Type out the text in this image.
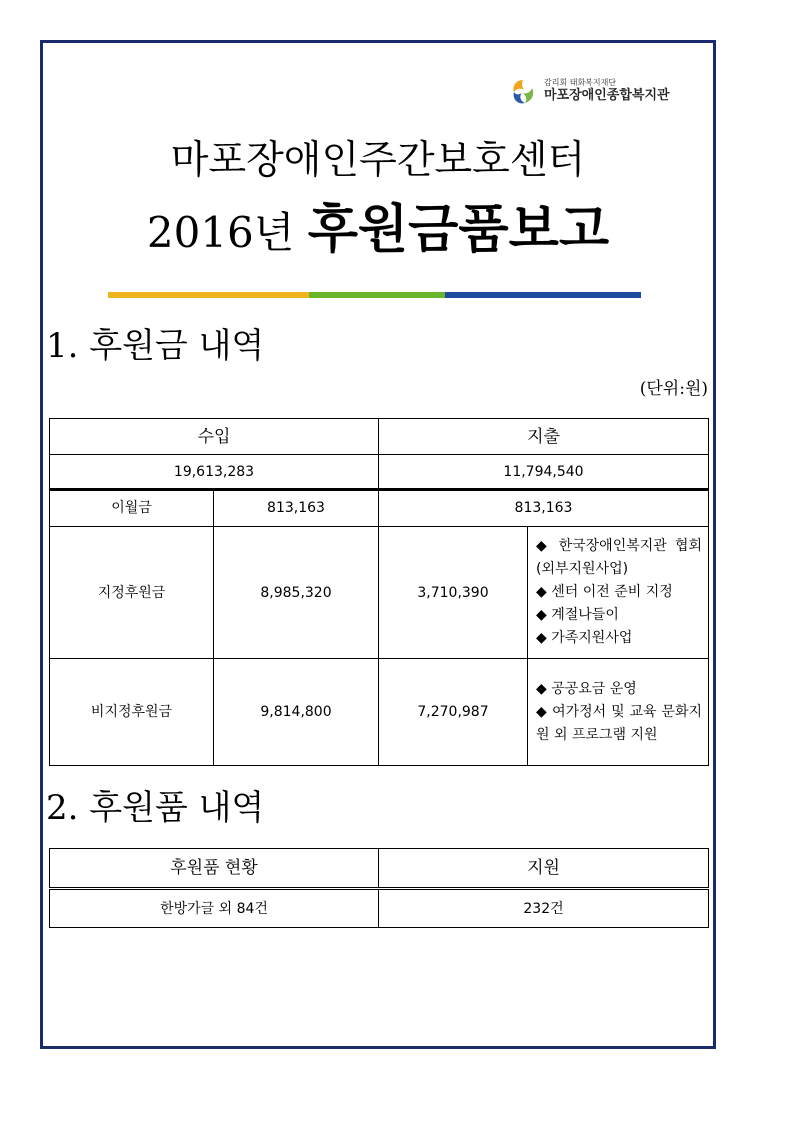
감리회 태화복지재단
마포장애인종합복지관
마포장애인주간보호센터
2016년 후원금품보고
1. 후원금 내역
(단위:원)
수입	지출
19,613,283	11,794,540
이월금	813,163	813,163	
지정후원금	8,985,320	3,710,390	◆ 한국장애인복지관 협회(외부지원사업)
◆ 센터 이전 준비 지정
◆ 계절나들이
◆ 가족지원사업

비지정후원금	9,814,800	7,270,987	◆ 공공요금 운영
◆ 여가정서 및 교육 문화지원 외 프로그램 지원
2. 후원품 내역
후원품 현황	지원
한방가글 외 84건	232건
